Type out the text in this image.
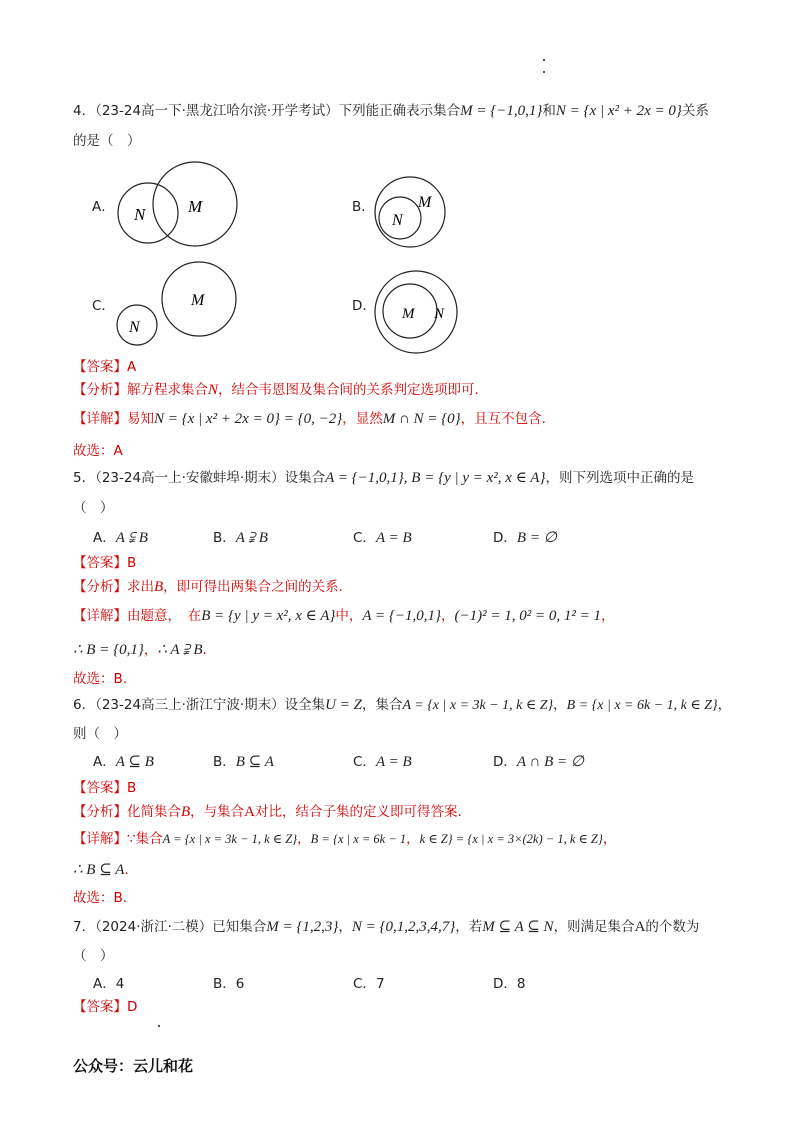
4．（23-24高一下·黑龙江哈尔滨·开学考试）下列能正确表示集合M = {−1,0,1}和N = {x | x² + 2x = 0}关系
的是（　）
A． N	M	B．
N
M
C．
N
M	D． M N
【答案】A
【分析】解方程求集合N，结合韦恩图及集合间的关系判定选项即可.
【详解】易知N = {x | x² + 2x = 0} = {0, −2}，显然M ∩ N = {0}，且互不包含.
故选：A
5．（23-24高一上·安徽蚌埠·期末）设集合A = {−1,0,1}, B = {y | y = x², x ∈ A}，则下列选项中正确的是
（　）
A．A ⫋ B	B．A ⫌ B	C．A = B	D．B = ∅
【答案】B
【分析】求出B，即可得出两集合之间的关系.
【详解】由题意，　在B = {y | y = x², x ∈ A}中，A = {−1,0,1}，(−1)² = 1, 0² = 0, 1² = 1，
∴ B = {0,1}，∴ A ⫌ B．
故选：B.
6．（23-24高三上·浙江宁波·期末）设全集U = Z，集合A = {x | x = 3k − 1, k ∈ Z}，B = {x | x = 6k − 1, k ∈ Z}，
则（　）
A．A ⊆ B	B．B ⊆ A	C．A = B	D．A ∩ B = ∅
【答案】B
【分析】化简集合B，与集合A对比，结合子集的定义即可得答案.
【详解】∵集合A = {x | x = 3k − 1, k ∈ Z}，B = {x | x = 6k − 1，k ∈ Z} = {x | x = 3×(2k) − 1, k ∈ Z}，
∴ B ⊆ A.
故选：B.
7．（2024·浙江·二模）已知集合M = {1,2,3}，N = {0,1,2,3,4,7}，若M ⊆ A ⊆ N，则满足集合A的个数为
（　）
A．4	B．6	C．7	D．8
【答案】D
公众号：云儿和花
